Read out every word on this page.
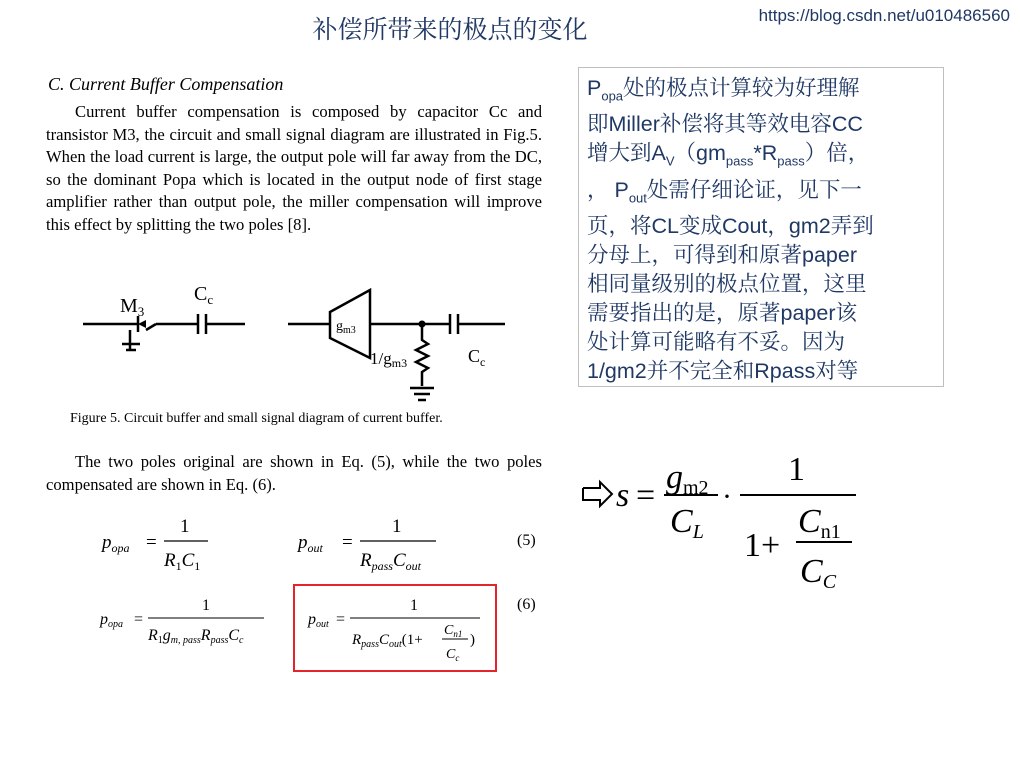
补偿所带来的极点的变化	https://blog.csdn.net/u010486560
C. Current Buffer Compensation
Current buffer compensation is composed by capacitor Cc and transistor M3, the circuit and small signal diagram are illustrated in Fig.5. When the load current is large, the output pole will far away from the DC, so the dominant Popa which is located in the output node of first stage amplifier rather than output pole, the miller compensation will improve this effect by splitting the two poles [8].
$M_3$
$C_c$
$g_{m3}$
1/gm3	$C_c$
Figure 5. Circuit buffer and small signal diagram of current buffer.
The two poles original are shown in Eq. (5), while the two poles compensated are shown in Eq. (6).
$p_{opa}$ =
1
$R_1C_1$
$p_{out}$ =
1
$R_{pass}C_{out}$
(5)
popa =
1
R1gm, passRpassCc
pout =
1
$R_{pass}C_{out}(1+$
$C_{n1}$
$C_c$
)
(6)
$P_{opa}$处的极点计算较为好理解
即Miller补偿将其等效电容CC
增大到$A_V(gm_{pass}*R_{pass})$倍，
， $P_{out}$处需仔细论证，见下一
页，将CL变成Cout，gm2弄到
分母上，可得到和原著paper
相同量级别的极点位置，这里
需要指出的是，原著paper该
处计算可能略有不妥。因为
1/gm2并不完全和Rpass对等
s = gm2
CL
·
1
1+
Cn1
CC
